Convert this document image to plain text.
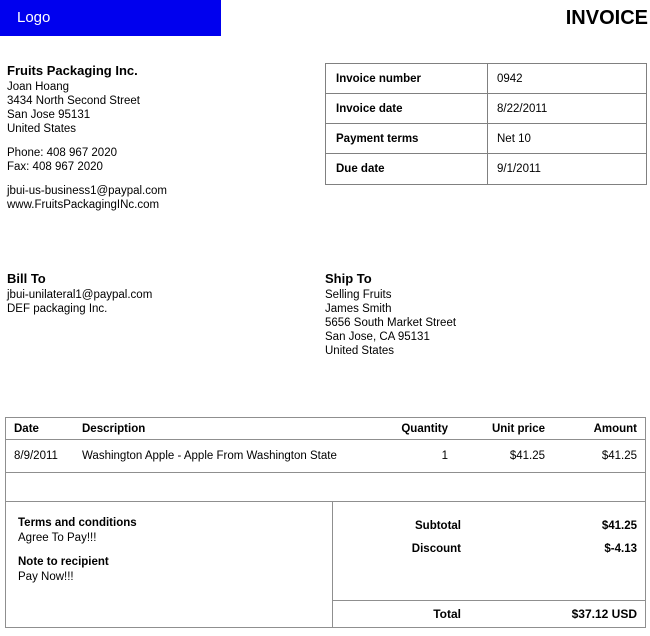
Logo	INVOICE
Fruits Packaging Inc.
Joan Hoang
3434 North Second Street
San Jose 95131
United States
Phone: 408 967 2020
Fax: 408 967 2020
jbui-us-business1@paypal.com
www.FruitsPackagingINc.com
Invoice number	0942
Invoice date	8/22/2011
Payment terms	Net 10
Due date	9/1/2011
Bill To
jbui-unilateral1@paypal.com
DEF packaging Inc.
Ship To
Selling Fruits
James Smith
5656 South Market Street
San Jose, CA 95131
United States
Date	Description	Quantity	Unit price	Amount
8/9/2011	Washington Apple - Apple From Washington State	1	$41.25	$41.25
Terms and conditions
Agree To Pay!!!
Note to recipient
Pay Now!!!
Subtotal	$41.25
Discount	$-4.13
Total	$37.12 USD
